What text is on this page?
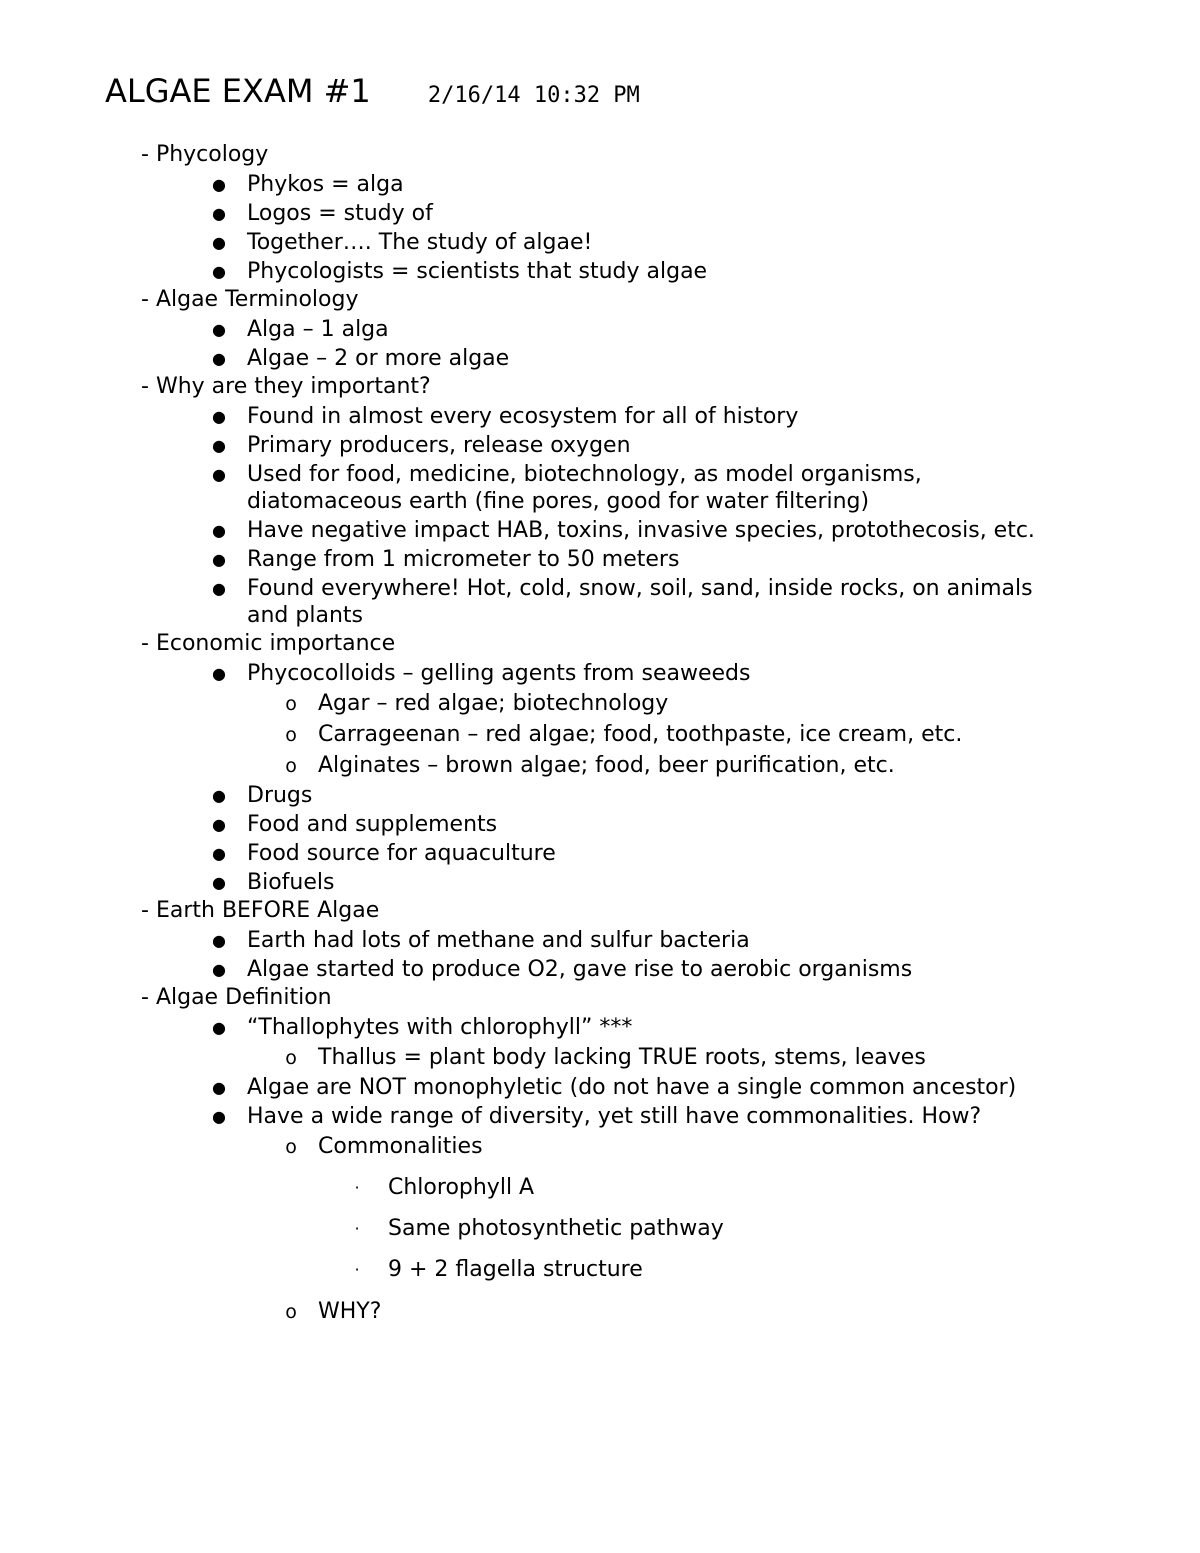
ALGAE EXAM #1	2/16/14 10:32 PM
- Phycology
● Phykos = alga
● Logos = study of
● Together…. The study of algae!
● Phycologists = scientists that study algae
- Algae Terminology
● Alga – 1 alga
● Algae – 2 or more algae
- Why are they important?
● Found in almost every ecosystem for all of history
● Primary producers, release oxygen
● Used for food, medicine, biotechnology, as model organisms, diatomaceous earth (fine pores, good for water filtering)
● Have negative impact HAB, toxins, invasive species, protothecosis, etc.
● Range from 1 micrometer to 50 meters
● Found everywhere! Hot, cold, snow, soil, sand, inside rocks, on animals and plants
- Economic importance
● Phycocolloids – gelling agents from seaweeds
o Agar – red algae; biotechnology
o Carrageenan – red algae; food, toothpaste, ice cream, etc.
o Alginates – brown algae; food, beer purification, etc.
● Drugs
● Food and supplements
● Food source for aquaculture
● Biofuels
- Earth BEFORE Algae
● Earth had lots of methane and sulfur bacteria
● Algae started to produce O2, gave rise to aerobic organisms
- Algae Definition
● “Thallophytes with chlorophyll” ***
o Thallus = plant body lacking TRUE roots, stems, leaves
● Algae are NOT monophyletic (do not have a single common ancestor)
● Have a wide range of diversity, yet still have commonalities. How?
o Commonalities
· Chlorophyll A
· Same photosynthetic pathway
· 9 + 2 flagella structure
o WHY?
